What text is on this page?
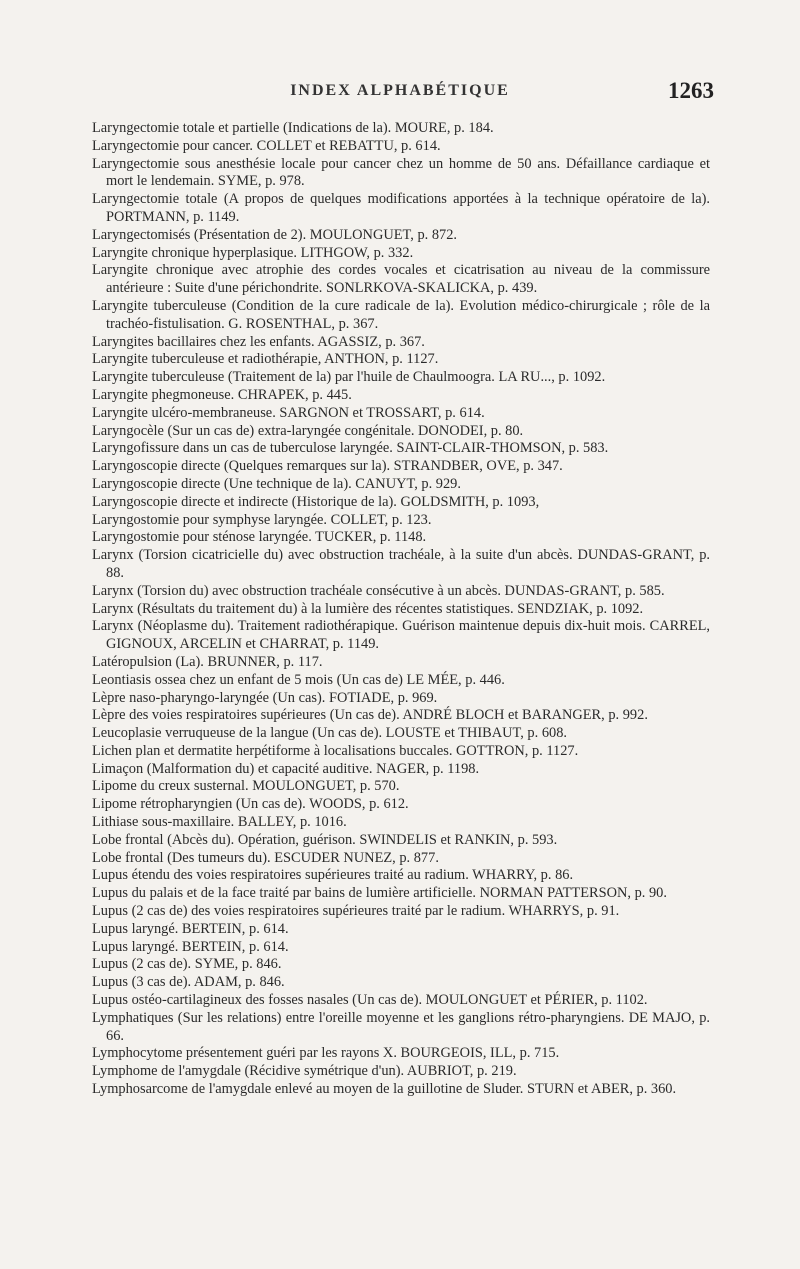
INDEX ALPHABÉTIQUE	1263

Laryngectomie totale et partielle (Indications de la). MOURE, p. 184.

Laryngectomie pour cancer. COLLET et REBATTU, p. 614.

Laryngectomie sous anesthésie locale pour cancer chez un homme de 50 ans. Défaillance cardiaque et mort le lendemain. SYME, p. 978.

Laryngectomie totale (A propos de quelques modifications apportées à la technique opératoire de la). PORTMANN, p. 1149.

Laryngectomisés (Présentation de 2). MOULONGUET, p. 872.

Laryngite chronique hyperplasique. LITHGOW, p. 332.

Laryngite chronique avec atrophie des cordes vocales et cicatrisation au niveau de la commissure antérieure : Suite d'une périchondrite. SONLRKOVA-SKALICKA, p. 439.

Laryngite tuberculeuse (Condition de la cure radicale de la). Evolution médico-chirurgicale ; rôle de la trachéo-fistulisation. G. ROSENTHAL, p. 367.

Laryngites bacillaires chez les enfants. AGASSIZ, p. 367.

Laryngite tuberculeuse et radiothérapie, ANTHON, p. 1127.

Laryngite tuberculeuse (Traitement de la) par l'huile de Chaulmoogra. LA RU..., p. 1092.

Laryngite phegmoneuse. CHRAPEK, p. 445.

Laryngite ulcéro-membraneuse. SARGNON et TROSSART, p. 614.

Laryngocèle (Sur un cas de) extra-laryngée congénitale. DONODEI, p. 80.

Laryngofissure dans un cas de tuberculose laryngée. SAINT-CLAIR-THOMSON, p. 583.

Laryngoscopie directe (Quelques remarques sur la). STRANDBER, OVE, p. 347.

Laryngoscopie directe (Une technique de la). CANUYT, p. 929.

Laryngoscopie directe et indirecte (Historique de la). GOLDSMITH, p. 1093,

Laryngostomie pour symphyse laryngée. COLLET, p. 123.

Laryngostomie pour sténose laryngée. TUCKER, p. 1148.

Larynx (Torsion cicatricielle du) avec obstruction trachéale, à la suite d'un abcès. DUNDAS-GRANT, p. 88.

Larynx (Torsion du) avec obstruction trachéale consécutive à un abcès. DUNDAS-GRANT, p. 585.

Larynx (Résultats du traitement du) à la lumière des récentes statistiques. SENDZIAK, p. 1092.

Larynx (Néoplasme du). Traitement radiothérapique. Guérison maintenue depuis dix-huit mois. CARREL, GIGNOUX, ARCELIN et CHARRAT, p. 1149.

Latéropulsion (La). BRUNNER, p. 117.

Leontiasis ossea chez un enfant de 5 mois (Un cas de) LE MÉE, p. 446.

Lèpre naso-pharyngo-laryngée (Un cas). FOTIADE, p. 969.

Lèpre des voies respiratoires supérieures (Un cas de). ANDRÉ BLOCH et BARANGER, p. 992.

Leucoplasie verruqueuse de la langue (Un cas de). LOUSTE et THIBAUT, p. 608.

Lichen plan et dermatite herpétiforme à localisations buccales. GOTTRON, p. 1127.

Limaçon (Malformation du) et capacité auditive. NAGER, p. 1198.

Lipome du creux susternal. MOULONGUET, p. 570.

Lipome rétropharyngien (Un cas de). WOODS, p. 612.

Lithiase sous-maxillaire. BALLEY, p. 1016.

Lobe frontal (Abcès du). Opération, guérison. SWINDELIS et RANKIN, p. 593.

Lobe frontal (Des tumeurs du). ESCUDER NUNEZ, p. 877.

Lupus étendu des voies respiratoires supérieures traité au radium. WHARRY, p. 86.

Lupus du palais et de la face traité par bains de lumière artificielle. NORMAN PATTERSON, p. 90.

Lupus (2 cas de) des voies respiratoires supérieures traité par le radium. WHARRYS, p. 91.

Lupus laryngé. BERTEIN, p. 614.

Lupus laryngé. BERTEIN, p. 614.

Lupus (2 cas de). SYME, p. 846.

Lupus (3 cas de). ADAM, p. 846.

Lupus ostéo-cartilagineux des fosses nasales (Un cas de). MOULONGUET et PÉRIER, p. 1102.

Lymphatiques (Sur les relations) entre l'oreille moyenne et les ganglions rétro-pharyngiens. DE MAJO, p. 66.

Lymphocytome présentement guéri par les rayons X. BOURGEOIS, ILL, p. 715.

Lymphome de l'amygdale (Récidive symétrique d'un). AUBRIOT, p. 219.

Lymphosarcome de l'amygdale enlevé au moyen de la guillotine de Sluder. STURN et ABER, p. 360.
